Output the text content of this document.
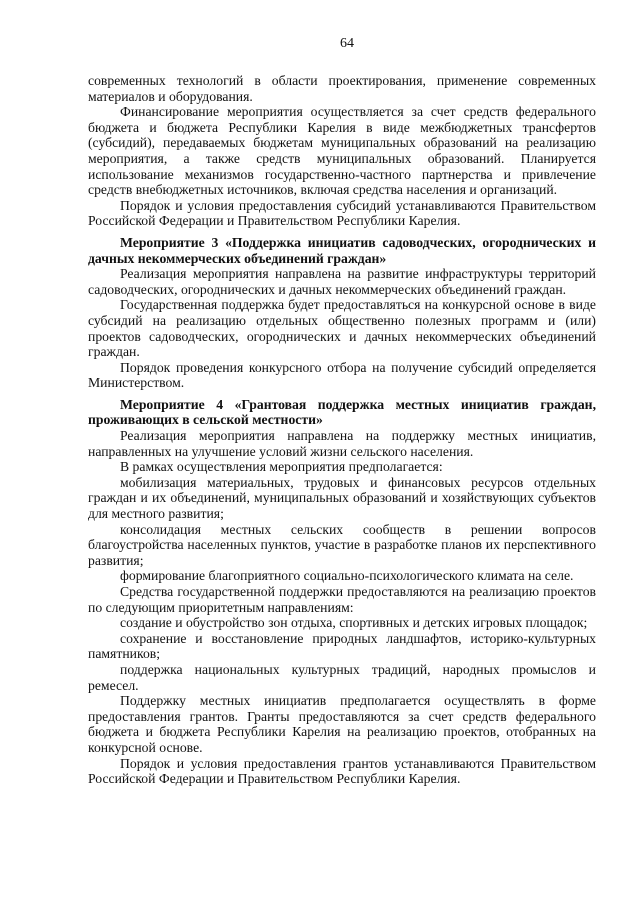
64

современных технологий в области проектирования, применение современных материалов и оборудования.

Финансирование мероприятия осуществляется за счет средств федерального бюджета и бюджета Республики Карелия в виде межбюджетных трансфертов (субсидий), передаваемых бюджетам муниципальных образований на реализацию мероприятия, а также средств муниципальных образований. Планируется использование механизмов государственно-частного партнерства и привлечение средств внебюджетных источников, включая средства населения и организаций.

Порядок и условия предоставления субсидий устанавливаются Правительством Российской Федерации и Правительством Республики Карелия.

Мероприятие 3 «Поддержка инициатив садоводческих, огороднических и дачных некоммерческих объединений граждан»

Реализация мероприятия направлена на развитие инфраструктуры территорий садоводческих, огороднических и дачных некоммерческих объединений граждан.

Государственная поддержка будет предоставляться на конкурсной основе в виде субсидий на реализацию отдельных общественно полезных программ и (или) проектов садоводческих, огороднических и дачных некоммерческих объединений граждан.

Порядок проведения конкурсного отбора на получение субсидий определяется Министерством.

Мероприятие 4 «Грантовая поддержка местных инициатив граждан, проживающих в сельской местности»

Реализация мероприятия направлена на поддержку местных инициатив, направленных на улучшение условий жизни сельского населения.

В рамках осуществления мероприятия предполагается:

мобилизация материальных, трудовых и финансовых ресурсов отдельных граждан и их объединений, муниципальных образований и хозяйствующих субъектов для местного развития;

консолидация местных сельских сообществ в решении вопросов благоустройства населенных пунктов, участие в разработке планов их перспективного развития;

формирование благоприятного социально-психологического климата на селе.

Средства государственной поддержки предоставляются на реализацию проектов по следующим приоритетным направлениям:

создание и обустройство зон отдыха, спортивных и детских игровых площадок;

сохранение и восстановление природных ландшафтов, историко-культурных памятников;

поддержка национальных культурных традиций, народных промыслов и ремесел.

Поддержку местных инициатив предполагается осуществлять в форме предоставления грантов. Гранты предоставляются за счет средств федерального бюджета и бюджета Республики Карелия на реализацию проектов, отобранных на конкурсной основе.

Порядок и условия предоставления грантов устанавливаются Правительством Российской Федерации и Правительством Республики Карелия.
